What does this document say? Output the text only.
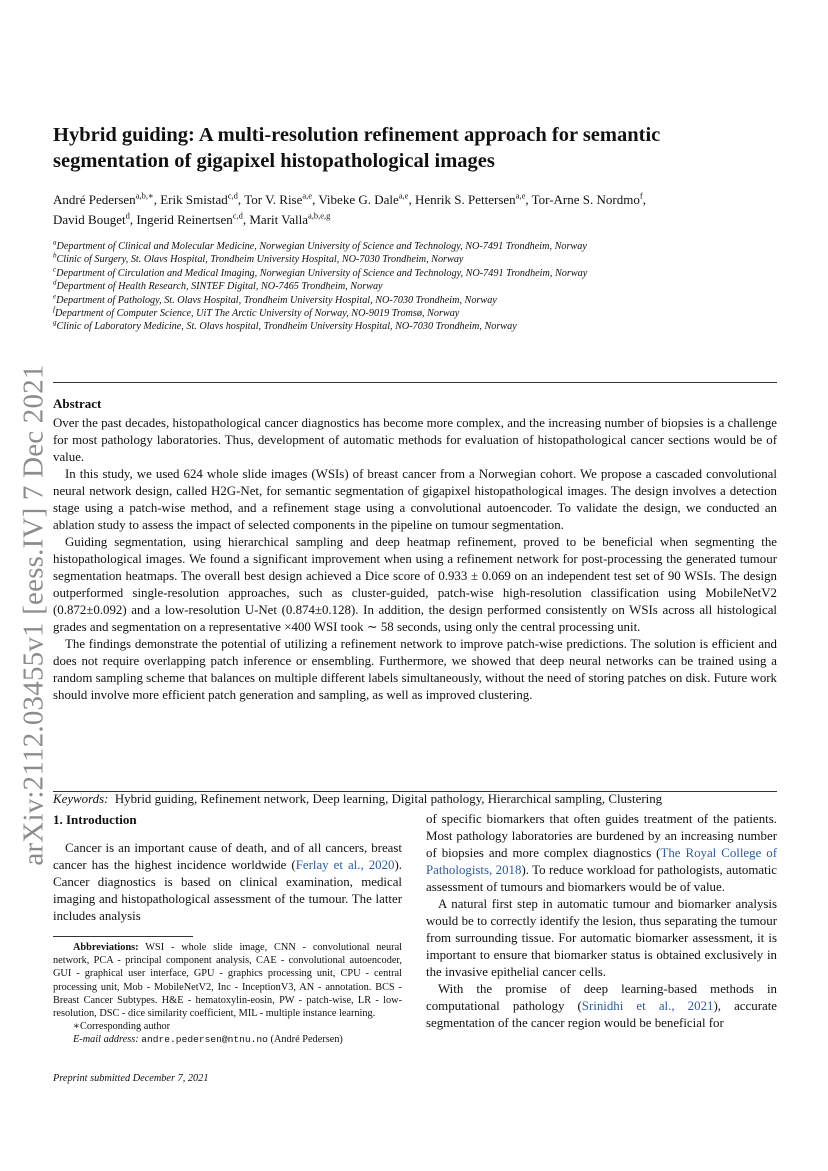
arXiv:2112.03455v1 [eess.IV] 7 Dec 2021
Hybrid guiding: A multi-resolution refinement approach for semantic
segmentation of gigapixel histopathological images
André Pedersen$^{a,b,∗}$, Erik Smistad$^{c,d}$, Tor V. Rise$^{a,e}$, Vibeke G. Dale$^{a,e}$, Henrik S. Pettersen$^{a,e}$, Tor-Arne S. Nordmo$^f$,
David Bouget$^d$, Ingerid Reinertsen$^{c,d}$, Marit Valla$^{a,b,e,g}$
$^a$Department of Clinical and Molecular Medicine, Norwegian University of Science and Technology, NO-7491 Trondheim, Norway
$^b$Clinic of Surgery, St. Olavs Hospital, Trondheim University Hospital, NO-7030 Trondheim, Norway
$^c$Department of Circulation and Medical Imaging, Norwegian University of Science and Technology, NO-7491 Trondheim, Norway
$^d$Department of Health Research, SINTEF Digital, NO-7465 Trondheim, Norway
$^e$Department of Pathology, St. Olavs Hospital, Trondheim University Hospital, NO-7030 Trondheim, Norway
$^f$Department of Computer Science, UiT The Arctic University of Norway, NO-9019 Tromsø, Norway
$^g$Clinic of Laboratory Medicine, St. Olavs hospital, Trondheim University Hospital, NO-7030 Trondheim, Norway
Abstract

Over the past decades, histopathological cancer diagnostics has become more complex, and the increasing number of biopsies is a challenge for most pathology laboratories. Thus, development of automatic methods for evaluation of histopathological cancer sections would be of value.

In this study, we used 624 whole slide images (WSIs) of breast cancer from a Norwegian cohort. We propose a cascaded convolutional neural network design, called H2G-Net, for semantic segmentation of gigapixel histopathological images. The design involves a detection stage using a patch-wise method, and a refinement stage using a convolutional autoencoder. To validate the design, we conducted an ablation study to assess the impact of selected components in the pipeline on tumour segmentation.

Guiding segmentation, using hierarchical sampling and deep heatmap refinement, proved to be beneficial when segmenting the histopathological images. We found a significant improvement when using a refinement network for post-processing the generated tumour segmentation heatmaps. The overall best design achieved a Dice score of 0.933 ± 0.069 on an independent test set of 90 WSIs. The design outperformed single-resolution approaches, such as cluster-guided, patch-wise high-resolution classification using MobileNetV2 (0.872±0.092) and a low-resolution U-Net (0.874±0.128). In addition, the design performed consistently on WSIs across all histological grades and segmentation on a representative ×400 WSI took ∼ 58 seconds, using only the central processing unit.

The findings demonstrate the potential of utilizing a refinement network to improve patch-wise predictions. The solution is efficient and does not require overlapping patch inference or ensembling. Furthermore, we showed that deep neural networks can be trained using a random sampling scheme that balances on multiple different labels simultaneously, without the need of storing patches on disk. Future work should involve more efficient patch generation and sampling, as well as improved clustering.

Keywords: Hybrid guiding, Refinement network, Deep learning, Digital pathology, Hierarchical sampling, Clustering
1. Introduction

Cancer is an important cause of death, and of all cancers, breast cancer has the highest incidence worldwide (Ferlay et al., 2020). Cancer diagnostics is based on clinical examination, medical imaging and histopathological assessment of the tumour. The latter includes analysis

Abbreviations: WSI - whole slide image, CNN - convolutional neural network, PCA - principal component analysis, CAE - convolutional autoencoder, GUI - graphical user interface, GPU - graphics processing unit, CPU - central processing unit, Mob - MobileNetV2, Inc - InceptionV3, AN - annotation. BCS - Breast Cancer Subtypes. H&E - hematoxylin-eosin, PW - patch-wise, LR - low-resolution, DSC - dice similarity coefficient, MIL - multiple instance learning.

∗Corresponding author

E-mail address: andre.pedersen@ntnu.no (André Pedersen)

of specific biomarkers that often guides treatment of the patients. Most pathology laboratories are burdened by an increasing number of biopsies and more complex diagnostics (The Royal College of Pathologists, 2018). To reduce workload for pathologists, automatic assessment of tumours and biomarkers would be of value.

A natural first step in automatic tumour and biomarker analysis would be to correctly identify the lesion, thus separating the tumour from surrounding tissue. For automatic biomarker assessment, it is important to ensure that biomarker status is obtained exclusively in the invasive epithelial cancer cells.

With the promise of deep learning-based methods in computational pathology (Srinidhi et al., 2021), accurate segmentation of the cancer region would be beneficial for

Preprint submitted December 7, 2021
